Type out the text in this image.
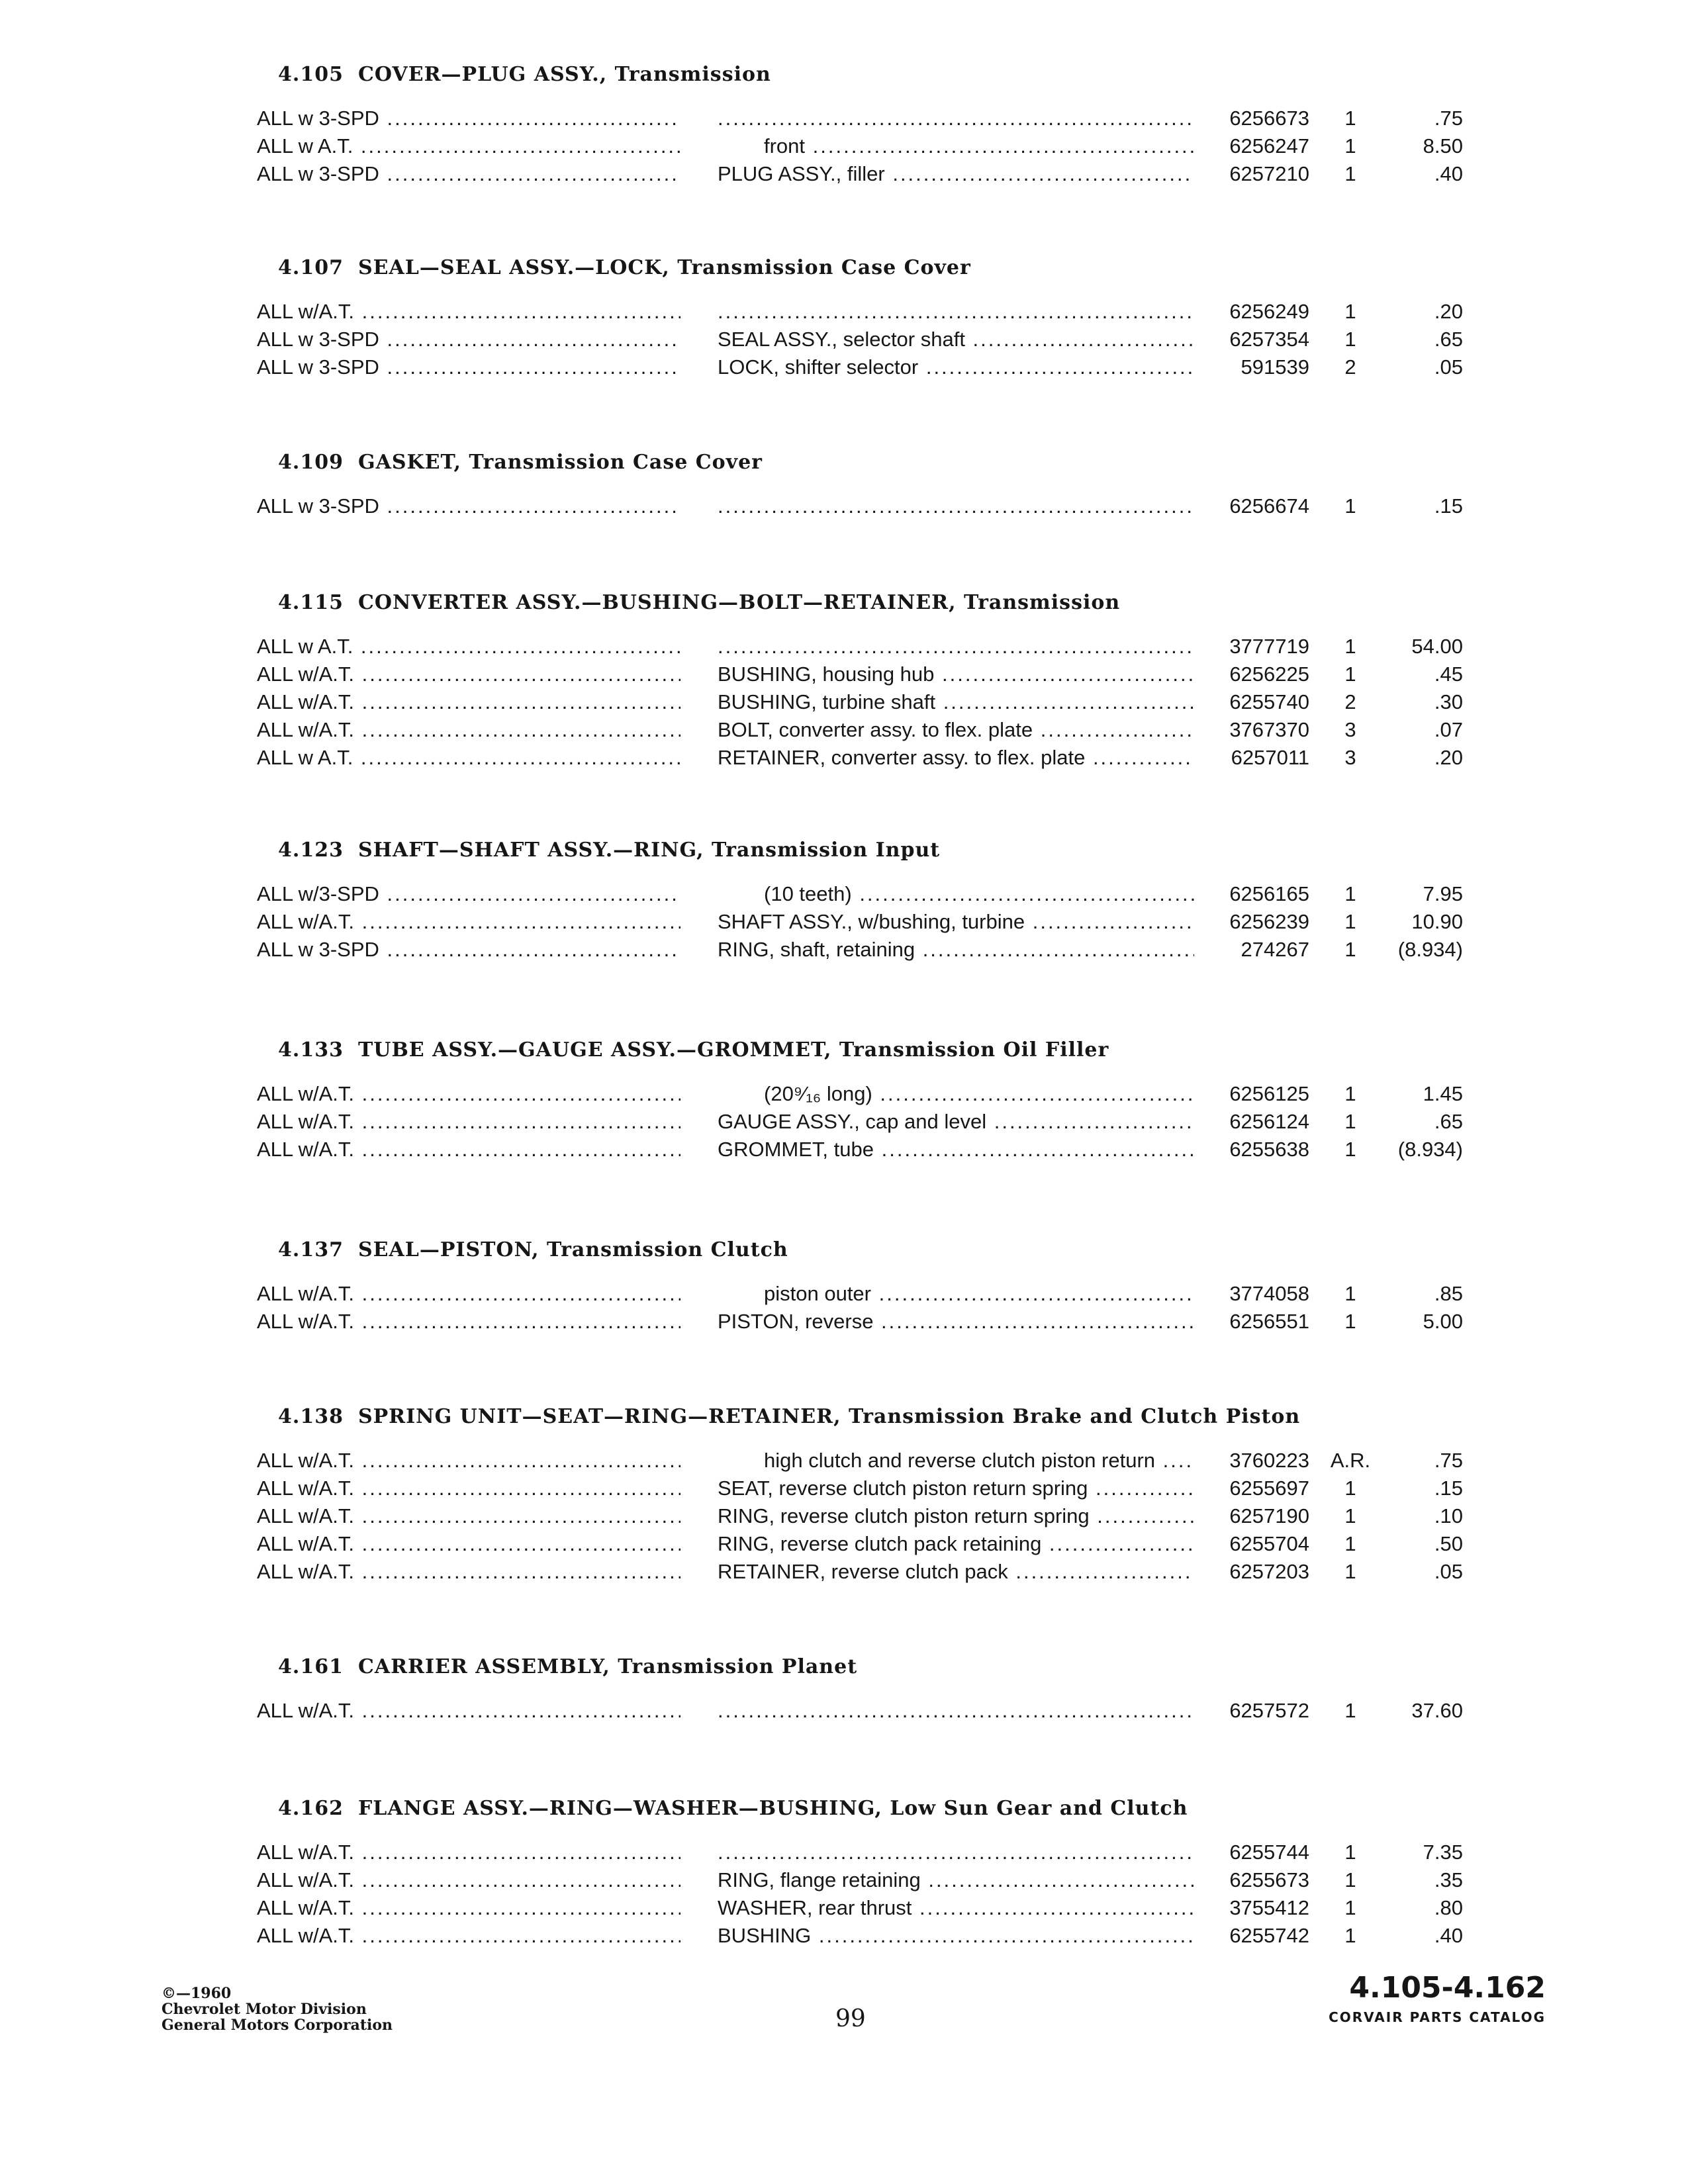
4.105 COVER—PLUG ASSY., Transmission
ALL w 3-SPD ..... .....	6256673	1	.75
ALL w A.T. .....	front .....	6256247	1	8.50
ALL w 3-SPD .....	PLUG ASSY., filler .....	6257210	1	.40
4.107 SEAL—SEAL ASSY.—LOCK, Transmission Case Cover
ALL w/A.T. ..... .....	6256249	1	.20
ALL w 3-SPD .....	SEAL ASSY., selector shaft .....	6257354	1	.65
ALL w 3-SPD .....	LOCK, shifter selector .....	591539	2	.05
4.109 GASKET, Transmission Case Cover
ALL w 3-SPD ..... .....	6256674	1	.15
4.115 CONVERTER ASSY.—BUSHING—BOLT—RETAINER, Transmission
ALL w A.T. ..... .....	3777719	1	54.00
ALL w/A.T. .....	BUSHING, housing hub .....	6256225	1	.45
ALL w/A.T. .....	BUSHING, turbine shaft .....	6255740	2	.30
ALL w/A.T. .....	BOLT, converter assy. to flex. plate .....	3767370	3	.07
ALL w A.T. .....	RETAINER, converter assy. to flex. plate .....	6257011	3	.20
4.123 SHAFT—SHAFT ASSY.—RING, Transmission Input
ALL w/3-SPD .....	(10 teeth) .....	6256165	1	7.95
ALL w/A.T. .....	SHAFT ASSY., w/bushing, turbine .....	6256239	1	10.90
ALL w 3-SPD .....	RING, shaft, retaining .....	274267	1	(8.934)
4.133 TUBE ASSY.—GAUGE ASSY.—GROMMET, Transmission Oil Filler
ALL w/A.T. .....	(20⁹⁄₁₆ long) .....	6256125	1	1.45
ALL w/A.T. .....	GAUGE ASSY., cap and level .....	6256124	1	.65
ALL w/A.T. .....	GROMMET, tube .....	6255638	1	(8.934)
4.137 SEAL—PISTON, Transmission Clutch
ALL w/A.T. .....	piston outer .....	3774058	1	.85
ALL w/A.T. .....	PISTON, reverse .....	6256551	1	5.00
4.138 SPRING UNIT—SEAT—RING—RETAINER, Transmission Brake and Clutch Piston
ALL w/A.T. .....	high clutch and reverse clutch piston return .....	3760223	A.R.	.75
ALL w/A.T. .....	SEAT, reverse clutch piston return spring .....	6255697	1	.15
ALL w/A.T. .....	RING, reverse clutch piston return spring .....	6257190	1	.10
ALL w/A.T. .....	RING, reverse clutch pack retaining .....	6255704	1	.50
ALL w/A.T. .....	RETAINER, reverse clutch pack .....	6257203	1	.05
4.161 CARRIER ASSEMBLY, Transmission Planet
ALL w/A.T. ..... .....	6257572	1	37.60
4.162 FLANGE ASSY.—RING—WASHER—BUSHING, Low Sun Gear and Clutch
ALL w/A.T. ..... .....	6255744	1	7.35
ALL w/A.T. .....	RING, flange retaining .....	6255673	1	.35
ALL w/A.T. .....	WASHER, rear thrust .....	3755412	1	.80
ALL w/A.T. .....	BUSHING .....	6255742	1	.40
©—1960
Chevrolet Motor Division
General Motors Corporation	99
4.105-4.162
CORVAIR PARTS CATALOG
